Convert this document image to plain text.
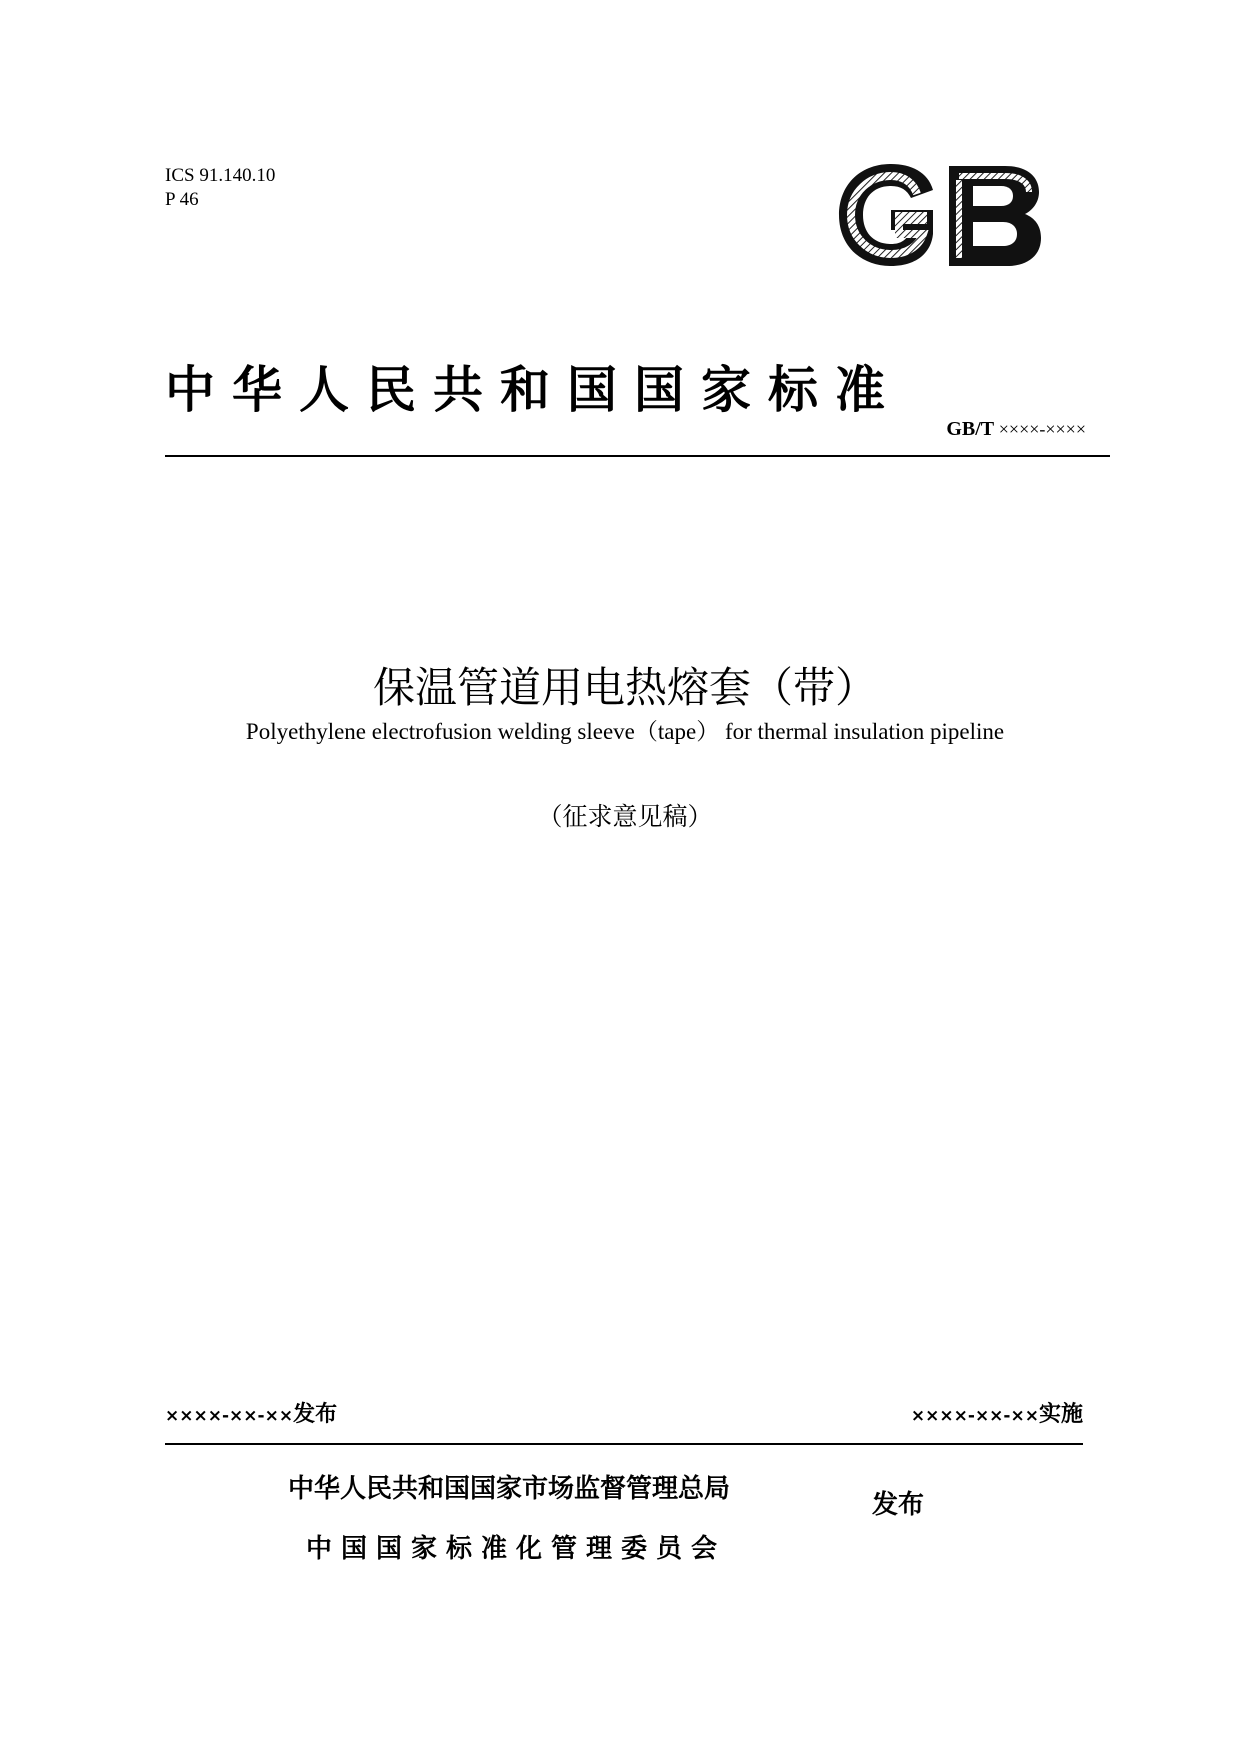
ICS 91.140.10
P 46
中华人民共和国国家标准
GB/T ××××-××××
保温管道用电热熔套（带）
Polyethylene electrofusion welding sleeve（tape） for thermal insulation pipeline
（征求意见稿）
××××-××-××发布	××××-××-××实施
中华人民共和国国家市场监督管理总局
中国国家标准化管理委员会
发布
